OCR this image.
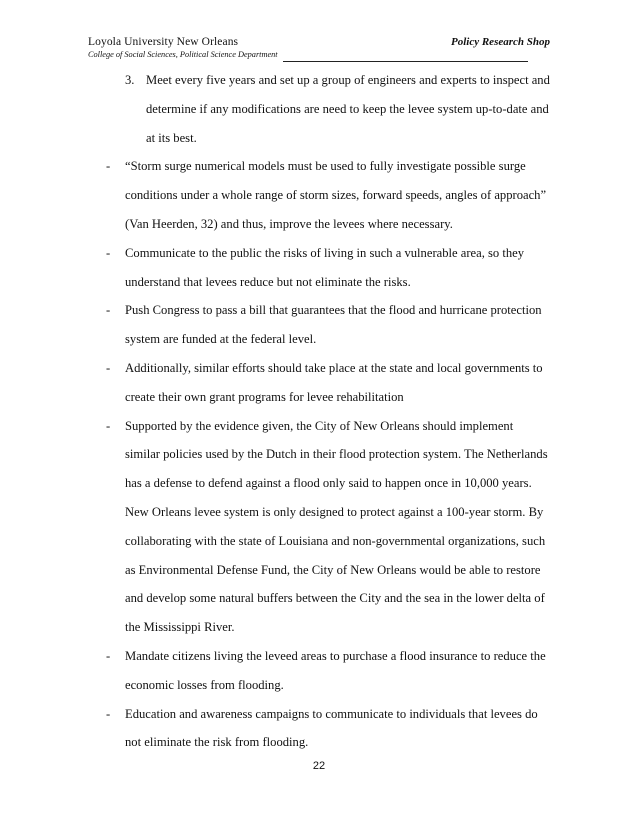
Loyola University New Orleans	Policy Research Shop
College of Social Sciences, Political Science Department
3. Meet every five years and set up a group of engineers and experts to inspect and
determine if any modifications are need to keep the levee system up-to-date and
at its best.
- “Storm surge numerical models must be used to fully investigate possible surge
conditions under a whole range of storm sizes, forward speeds, angles of approach”
(Van Heerden, 32) and thus, improve the levees where necessary.
- Communicate to the public the risks of living in such a vulnerable area, so they
understand that levees reduce but not eliminate the risks.
- Push Congress to pass a bill that guarantees that the flood and hurricane protection
system are funded at the federal level.
- Additionally, similar efforts should take place at the state and local governments to
create their own grant programs for levee rehabilitation
- Supported by the evidence given, the City of New Orleans should implement
similar policies used by the Dutch in their flood protection system. The Netherlands
has a defense to defend against a flood only said to happen once in 10,000 years.
New Orleans levee system is only designed to protect against a 100-year storm. By
collaborating with the state of Louisiana and non-governmental organizations, such
as Environmental Defense Fund, the City of New Orleans would be able to restore
and develop some natural buffers between the City and the sea in the lower delta of
the Mississippi River.
- Mandate citizens living the leveed areas to purchase a flood insurance to reduce the
economic losses from flooding.
- Education and awareness campaigns to communicate to individuals that levees do
not eliminate the risk from flooding.
22
